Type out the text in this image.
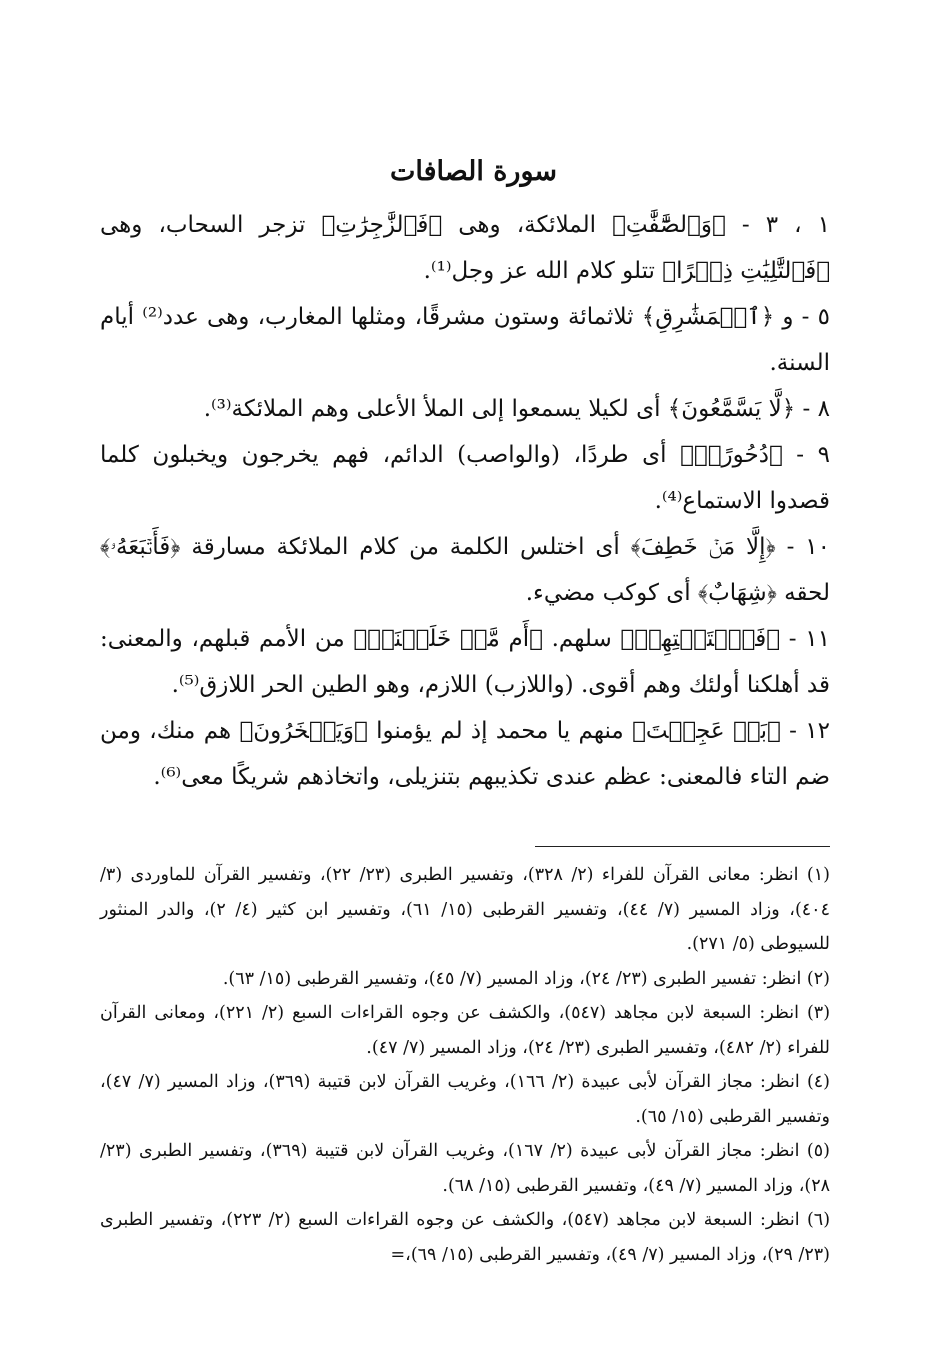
سورة الصافات

١ ، ٣ - ﴿وَٱلصَّٰٓفَّٰتِ﴾ الملائكة، وهى ﴿فَٱلزَّٰجِرَٰتِ﴾ تزجر السحاب، وهى ﴿فَٱلتَّٰلِيَٰتِ ذِكۡرًا﴾ تتلو كلام الله عز وجل⁽¹⁾.

٥ - و ﴿ٱلۡمَشَٰرِقِ﴾ ثلاثمائة وستون مشرقًا، ومثلها المغارب، وهى عدد⁽²⁾ أيام السنة.

٨ - ﴿لَّا يَسَّمَّعُونَ﴾ أى لكيلا يسمعوا إلى الملأ الأعلى وهم الملائكة⁽³⁾.

٩ - ﴿دُحُورًاۖ﴾ أى طردًا، (والواصب) الدائم، فهم يخرجون ويخبلون كلما قصدوا الاستماع⁽⁴⁾.

١٠ - ﴿إِلَّا مَنۡ خَطِفَ﴾ أى اختلس الكلمة من كلام الملائكة مسارقة ﴿فَأَتۡبَعَهُۥ﴾ لحقه ﴿شِهَابٌ﴾ أى كوكب مضيء.

١١ - ﴿فَٱسۡتَفۡتِهِمۡ﴾ سلهم. ﴿أَم مَّنۡ خَلَقۡنَآۚ﴾ من الأمم قبلهم، والمعنى: قد أهلكنا أولئك وهم أقوى. (واللازب) اللازم، وهو الطين الحر اللازق⁽⁵⁾.

١٢ - ﴿بَلۡ عَجِبۡتَ﴾ منهم يا محمد إذ لم يؤمنوا ﴿وَيَسۡخَرُونَ﴾ هم منك، ومن ضم التاء فالمعنى: عظم عندى تكذيبهم بتنزيلى، واتخاذهم شريكًا معى⁽⁶⁾.

(١) انظر: معانى القرآن للفراء (٢/ ٣٢٨)، وتفسير الطبرى (٢٣/ ٢٢)، وتفسير القرآن للماوردى (٣/ ٤٠٤)، وزاد المسير (٧/ ٤٤)، وتفسير القرطبى (١٥/ ٦١)، وتفسير ابن كثير (٤/ ٢)، والدر المنثور للسيوطى (٥/ ٢٧١).

(٢) انظر: تفسير الطبرى (٢٣/ ٢٤)، وزاد المسير (٧/ ٤٥)، وتفسير القرطبى (١٥/ ٦٣).

(٣) انظر: السبعة لابن مجاهد (٥٤٧)، والكشف عن وجوه القراءات السبع (٢/ ٢٢١)، ومعانى القرآن للفراء (٢/ ٤٨٢)، وتفسير الطبرى (٢٣/ ٢٤)، وزاد المسير (٧/ ٤٧).

(٤) انظر: مجاز القرآن لأبى عبيدة (٢/ ١٦٦)، وغريب القرآن لابن قتيبة (٣٦٩)، وزاد المسير (٧/ ٤٧)، وتفسير القرطبى (١٥/ ٦٥).

(٥) انظر: مجاز القرآن لأبى عبيدة (٢/ ١٦٧)، وغريب القرآن لابن قتيبة (٣٦٩)، وتفسير الطبرى (٢٣/ ٢٨)، وزاد المسير (٧/ ٤٩)، وتفسير القرطبى (١٥/ ٦٨).

(٦) انظر: السبعة لابن مجاهد (٥٤٧)، والكشف عن وجوه القراءات السبع (٢/ ٢٢٣)، وتفسير الطبرى (٢٣/ ٢٩)، وزاد المسير (٧/ ٤٩)، وتفسير القرطبى (١٥/ ٦٩)،=
